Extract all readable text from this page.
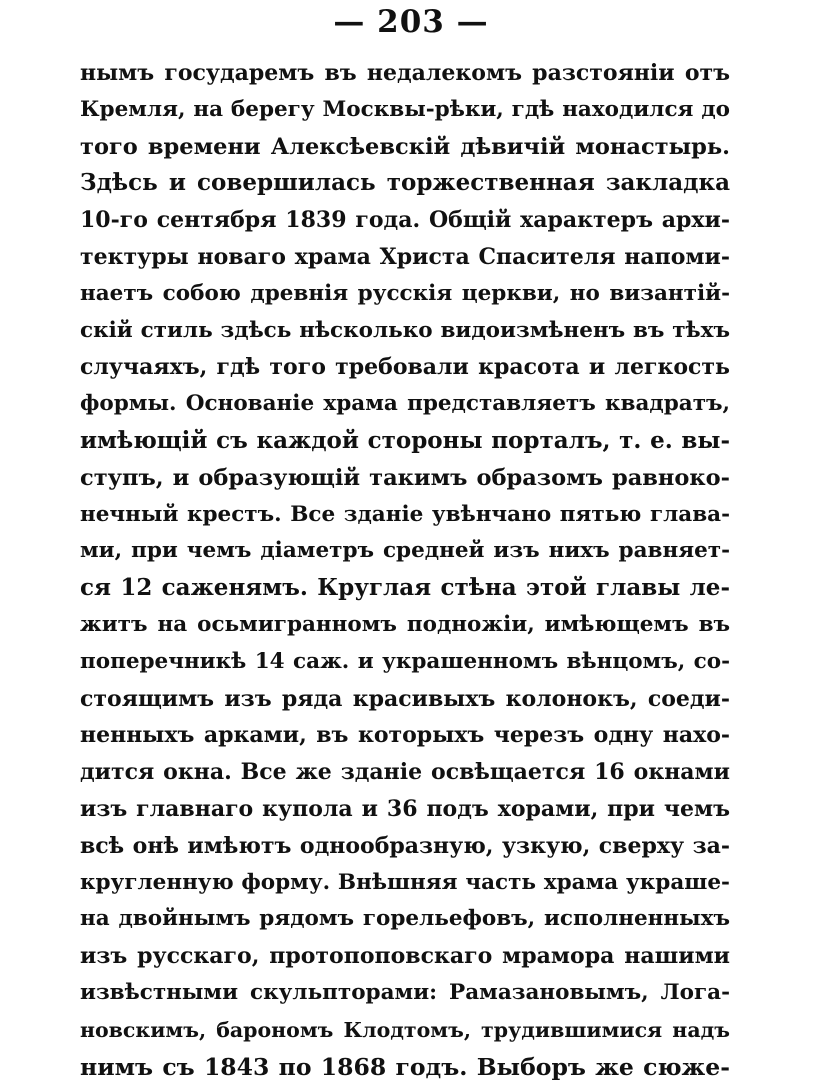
— 203 —
нымъ государемъ въ недалекомъ разстоянiи отъ
Кремля, на берегу Москвы-рѣки, гдѣ находился до
того времени Алексѣевскiй дѣвичiй монастырь.
Здѣсь и совершилась торжественная закладка
10-го сентября 1839 года. Общiй характеръ архи-
тектуры новаго храма Христа Спасителя напоми-
наетъ собою древнiя русскiя церкви, но византiй-
скiй стиль здѣсь нѣсколько видоизмѣненъ въ тѣхъ
случаяхъ, гдѣ того требовали красота и легкость
формы. Основанiе храма представляетъ квадратъ,
имѣющiй съ каждой стороны порталъ, т. е. вы-
ступъ, и образующiй такимъ образомъ равноко-
нечный крестъ. Все зданiе увѣнчано пятью глава-
ми, при чемъ дiаметръ средней изъ нихъ равняет-
ся 12 саженямъ. Круглая стѣна этой главы ле-
житъ на осьмигранномъ подножiи, имѣющемъ въ
поперечникѣ 14 саж. и украшенномъ вѣнцомъ, со-
стоящимъ изъ ряда красивыхъ колонокъ, соеди-
ненныхъ арками, въ которыхъ черезъ одну нахо-
дится окна. Все же зданiе освѣщается 16 окнами
изъ главнаго купола и 36 подъ хорами, при чемъ
всѣ онѣ имѣютъ однообразную, узкую, сверху за-
кругленную форму. Внѣшняя часть храма украше-
на двойнымъ рядомъ горельефовъ, исполненныхъ
изъ русскаго, протопоповскаго мрамора нашими
извѣстными скульпторами: Рамазановымъ, Лога-
новскимъ, барономъ Клодтомъ, трудившимися надъ
нимъ съ 1843 по 1868 годъ. Выборъ же сюже-
